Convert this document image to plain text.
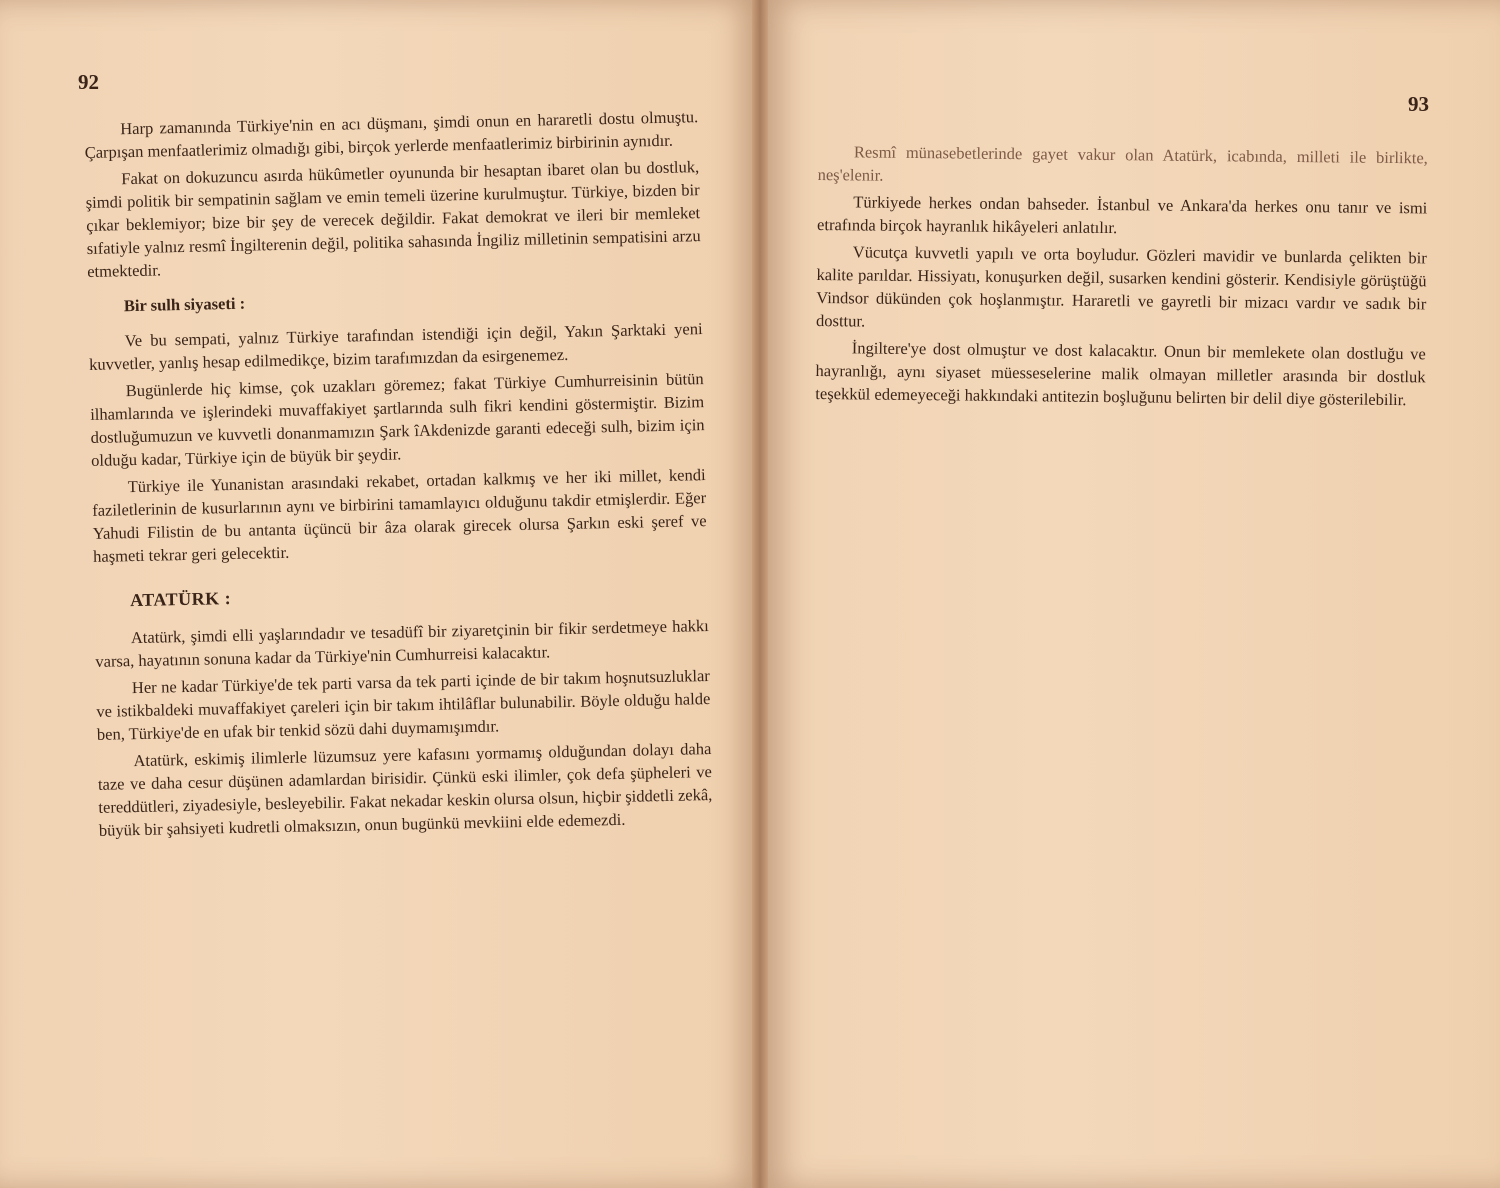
92
93

Harp zamanında Türkiye'nin en acı düşmanı, şimdi onun en hararetli dostu olmuştu. Çarpışan menfaatlerimiz olmadığı gibi, birçok yerlerde menfaatlerimiz birbirinin aynıdır.

Fakat on dokuzuncu asırda hükûmetler oyununda bir hesaptan ibaret olan bu dostluk, şimdi politik bir sempatinin sağlam ve emin temeli üzerine kurulmuştur. Türkiye, bizden bir çıkar beklemiyor; bize bir şey de verecek değildir. Fakat demokrat ve ileri bir memleket sıfatiyle yalnız resmî İngilterenin değil, politika sahasında İngiliz milletinin sempatisini arzu etmektedir.

Bir sulh siyaseti :

Ve bu sempati, yalnız Türkiye tarafından istendiği için değil, Yakın Şarktaki yeni kuvvetler, yanlış hesap edilmedikçe, bizim tarafımızdan da esirgenemez.

Bugünlerde hiç kimse, çok uzakları göremez; fakat Türkiye Cumhurreisinin bütün ilhamlarında ve işlerindeki muvaffakiyet şartlarında sulh fikri kendini göstermiştir. Bizim dostluğumuzun ve kuvvetli donanmamızın Şark îAkdenizde garanti edeceği sulh, bizim için olduğu kadar, Türkiye için de büyük bir şeydir.

Türkiye ile Yunanistan arasındaki rekabet, ortadan kalkmış ve her iki millet, kendi faziletlerinin de kusurlarının aynı ve birbirini tamamlayıcı olduğunu takdir etmişlerdir. Eğer Yahudi Filistin de bu antanta üçüncü bir âza olarak girecek olursa Şarkın eski şeref ve haşmeti tekrar geri gelecektir.

ATATÜRK :

Atatürk, şimdi elli yaşlarındadır ve tesadüfî bir ziyaretçinin bir fikir serdetmeye hakkı varsa, hayatının sonuna kadar da Türkiye'nin Cumhurreisi kalacaktır.

Her ne kadar Türkiye'de tek parti varsa da tek parti içinde de bir takım hoşnutsuzluklar ve istikbaldeki muvaffakiyet çareleri için bir takım ihtilâflar bulunabilir. Böyle olduğu halde ben, Türkiye'de en ufak bir tenkid sözü dahi duymamışımdır.

Atatürk, eskimiş ilimlerle lüzumsuz yere kafasını yormamış olduğundan dolayı daha taze ve daha cesur düşünen adamlardan birisidir. Çünkü eski ilimler, çok defa şüpheleri ve tereddütleri, ziyadesiyle, besleyebilir. Fakat nekadar keskin olursa olsun, hiçbir şiddetli zekâ, büyük bir şahsiyeti kudretli olmaksızın, onun bugünkü mevkiini elde edemezdi.

Resmî münasebetlerinde gayet vakur olan Atatürk, icabında, milleti ile birlikte, neş'elenir.

Türkiyede herkes ondan bahseder. İstanbul ve Ankara'da herkes onu tanır ve ismi etrafında birçok hayranlık hikâyeleri anlatılır.

Vücutça kuvvetli yapılı ve orta boyludur. Gözleri mavidir ve bunlarda çelikten bir kalite parıldar. Hissiyatı, konuşurken değil, susarken kendini gösterir. Kendisiyle görüştüğü Vindsor dükünden çok hoşlanmıştır. Hararetli ve gayretli bir mizacı vardır ve sadık bir dosttur.

İngiltere'ye dost olmuştur ve dost kalacaktır. Onun bir memlekete olan dostluğu ve hayranlığı, aynı siyaset müesseselerine malik olmayan milletler arasında bir dostluk teşekkül edemeyeceği hakkındaki antitezin boşluğunu belirten bir delil diye gösterilebilir.
